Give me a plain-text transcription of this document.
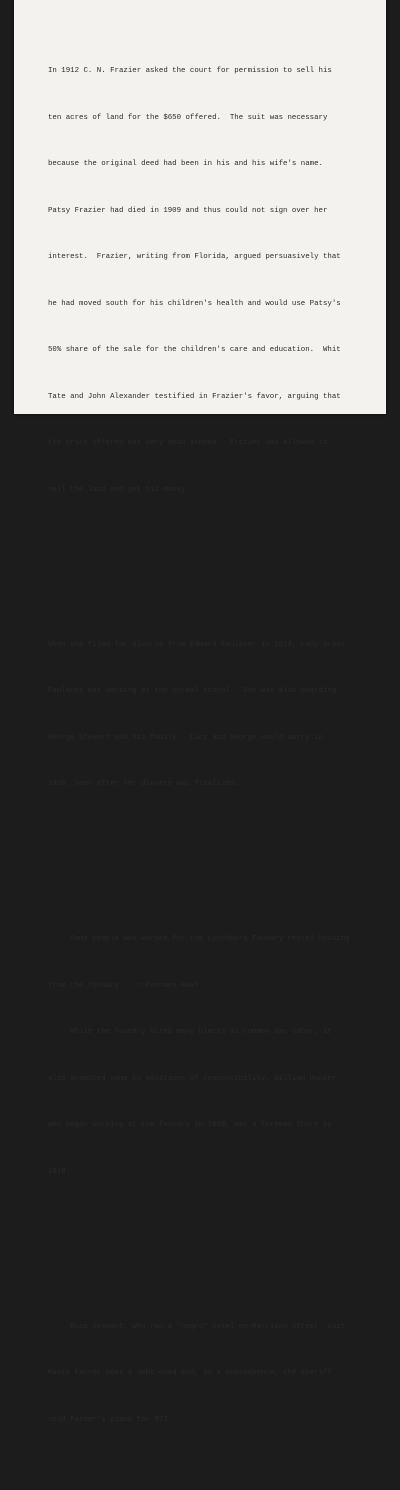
In 1912 C. N. Frazier asked the court for permission to sell his

ten acres of land for the $650 offered.  The suit was necessary

because the original deed had been in his and his wife's name.

Patsy Frazier had died in 1909 and thus could not sign over her

interest.  Frazier, writing from Florida, argued persuasively that

he had moved south for his children's health and would use Patsy's

50% share of the sale for the children's care and education.  Whit

Tate and John Alexander testified in Frazier's favor, arguing that

the price offered was very good indeed.  Frazier was allowed to

sell the land and get his money.

When she filed for divorce from Edward Faulkner in 1914, Lucy Grant

Faulkner was working at the normal school.  She was also boarding

George Stewart and his family.  Lucy and George would marry in

1916, soon after her divorce was finalized.

Some people who worked for the Lynchburg Foundry rented housing

from the foundry.   = Furnace Row?

While the foundry hired many blacks as common day labor, it

also promoted some to positions of responsibility. William Hunter,

who began working at the foundry in 1898, was a foreman there by

1918.

Rosa Stewart, who ran a "negro" hotel on Harrison Street, suit

Mamie Farner over a debt owed and, as a consequence, the sheriff

sold Farner's piano for $77.
